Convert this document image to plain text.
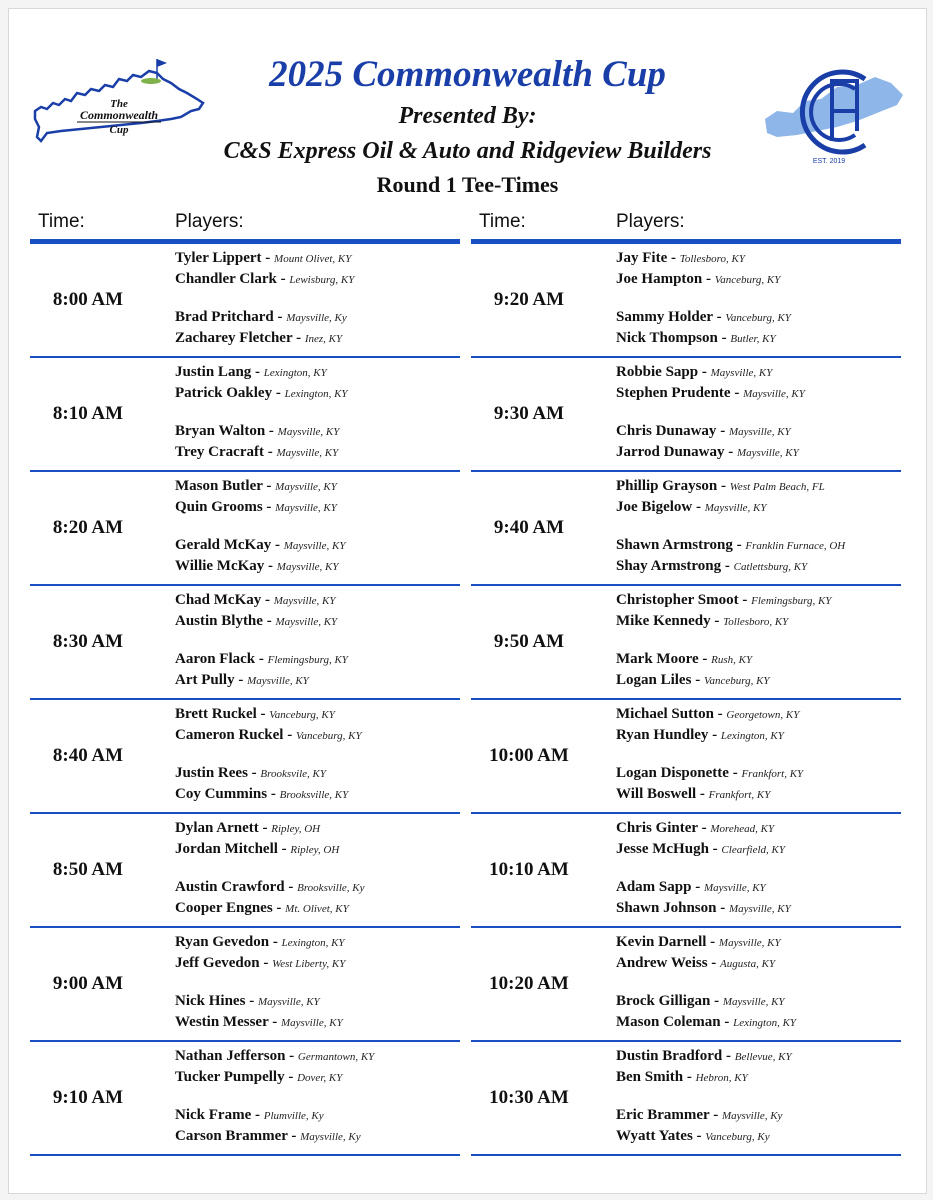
The
Commonwealth
Cup
EST. 2019
2025 Commonwealth Cup
Presented By:
C&S Express Oil & Auto and Ridgeview Builders
Round 1 Tee-Times
Time:	Players:
8:00 AM
Tyler Lippert - Mount Olivet, KY
Chandler Clark - Lewisburg, KY
Brad Pritchard - Maysville, Ky
Zacharey Fletcher - Inez, KY
8:10 AM
Justin Lang - Lexington, KY
Patrick Oakley - Lexington, KY
Bryan Walton - Maysville, KY
Trey Cracraft - Maysville, KY
8:20 AM
Mason Butler - Maysville, KY
Quin Grooms - Maysville, KY
Gerald McKay - Maysville, KY
Willie McKay - Maysville, KY
8:30 AM
Chad McKay - Maysville, KY
Austin Blythe - Maysville, KY
Aaron Flack - Flemingsburg, KY
Art Pully - Maysville, KY
8:40 AM
Brett Ruckel - Vanceburg, KY
Cameron Ruckel - Vanceburg, KY
Justin Rees - Brooksvile, KY
Coy Cummins - Brooksville, KY
8:50 AM
Dylan Arnett - Ripley, OH
Jordan Mitchell - Ripley, OH
Austin Crawford - Brooksville, Ky
Cooper Engnes - Mt. Olivet, KY
9:00 AM
Ryan Gevedon - Lexington, KY
Jeff Gevedon - West Liberty, KY
Nick Hines - Maysville, KY
Westin Messer - Maysville, KY
9:10 AM
Nathan Jefferson - Germantown, KY
Tucker Pumpelly - Dover, KY
Nick Frame - Plumville, Ky
Carson Brammer - Maysville, Ky
Time:	Players:
9:20 AM
Jay Fite - Tollesboro, KY
Joe Hampton - Vanceburg, KY
Sammy Holder - Vanceburg, KY
Nick Thompson - Butler, KY
9:30 AM
Robbie Sapp - Maysville, KY
Stephen Prudente - Maysville, KY
Chris Dunaway - Maysville, KY
Jarrod Dunaway - Maysville, KY
9:40 AM
Phillip Grayson - West Palm Beach, FL
Joe Bigelow - Maysville, KY
Shawn Armstrong - Franklin Furnace, OH
Shay Armstrong - Catlettsburg, KY
9:50 AM
Christopher Smoot - Flemingsburg, KY
Mike Kennedy - Tollesboro, KY
Mark Moore - Rush, KY
Logan Liles - Vanceburg, KY
10:00 AM
Michael Sutton - Georgetown, KY
Ryan Hundley - Lexington, KY
Logan Disponette - Frankfort, KY
Will Boswell - Frankfort, KY
10:10 AM
Chris Ginter - Morehead, KY
Jesse McHugh - Clearfield, KY
Adam Sapp - Maysville, KY
Shawn Johnson - Maysville, KY
10:20 AM
Kevin Darnell - Maysville, KY
Andrew Weiss - Augusta, KY
Brock Gilligan - Maysville, KY
Mason Coleman - Lexington, KY
10:30 AM
Dustin Bradford - Bellevue, KY
Ben Smith - Hebron, KY
Eric Brammer - Maysville, Ky
Wyatt Yates - Vanceburg, Ky
